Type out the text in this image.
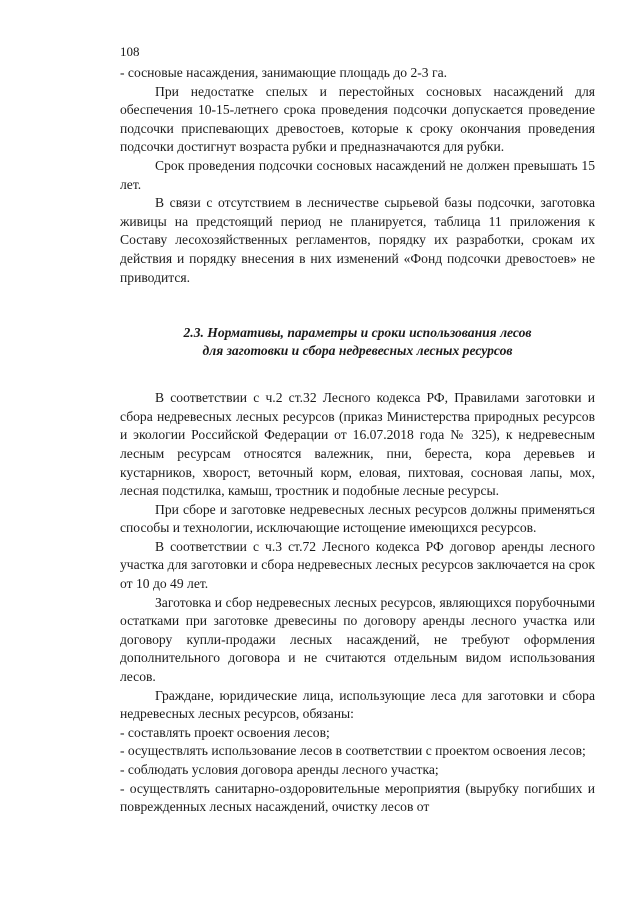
108

- сосновые насаждения, занимающие площадь до 2-3 га.

При недостатке спелых и перестойных сосновых насаждений для обеспечения 10-15-летнего срока проведения подсочки допускается проведение подсочки приспевающих древостоев, которые к сроку окончания проведения подсочки достигнут возраста рубки и предназначаются для рубки.

Срок проведения подсочки сосновых насаждений не должен превышать 15 лет.

В связи с отсутствием в лесничестве сырьевой базы подсочки, заготовка живицы на предстоящий период не планируется, таблица 11 приложения к Составу лесохозяйственных регламентов, порядку их разработки, срокам их действия и порядку внесения в них изменений «Фонд подсочки древостоев» не приводится.

2.3. Нормативы, параметры и сроки использования лесов
для заготовки и сбора недревесных лесных ресурсов

В соответствии с ч.2 ст.32 Лесного кодекса РФ, Правилами заготовки и сбора недревесных лесных ресурсов (приказ Министерства природных ресурсов и экологии Российской Федерации от 16.07.2018 года № 325), к недревесным лесным ресурсам относятся валежник, пни, береста, кора деревьев и кустарников, хворост, веточный корм, еловая, пихтовая, сосновая лапы, мох, лесная подстилка, камыш, тростник и подобные лесные ресурсы.

При сборе и заготовке недревесных лесных ресурсов должны применяться способы и технологии, исключающие истощение имеющихся ресурсов.

В соответствии с ч.3 ст.72 Лесного кодекса РФ договор аренды лесного участка для заготовки и сбора недревесных лесных ресурсов заключается на срок от 10 до 49 лет.

Заготовка и сбор недревесных лесных ресурсов, являющихся порубочными остатками при заготовке древесины по договору аренды лесного участка или договору купли-продажи лесных насаждений, не требуют оформления дополнительного договора и не считаются отдельным видом использования лесов.

Граждане, юридические лица, использующие леса для заготовки и сбора недревесных лесных ресурсов, обязаны:

- составлять проект освоения лесов;

- осуществлять использование лесов в соответствии с проектом освоения лесов;

- соблюдать условия договора аренды лесного участка;

- осуществлять санитарно-оздоровительные мероприятия (вырубку погибших и поврежденных лесных насаждений, очистку лесов от
